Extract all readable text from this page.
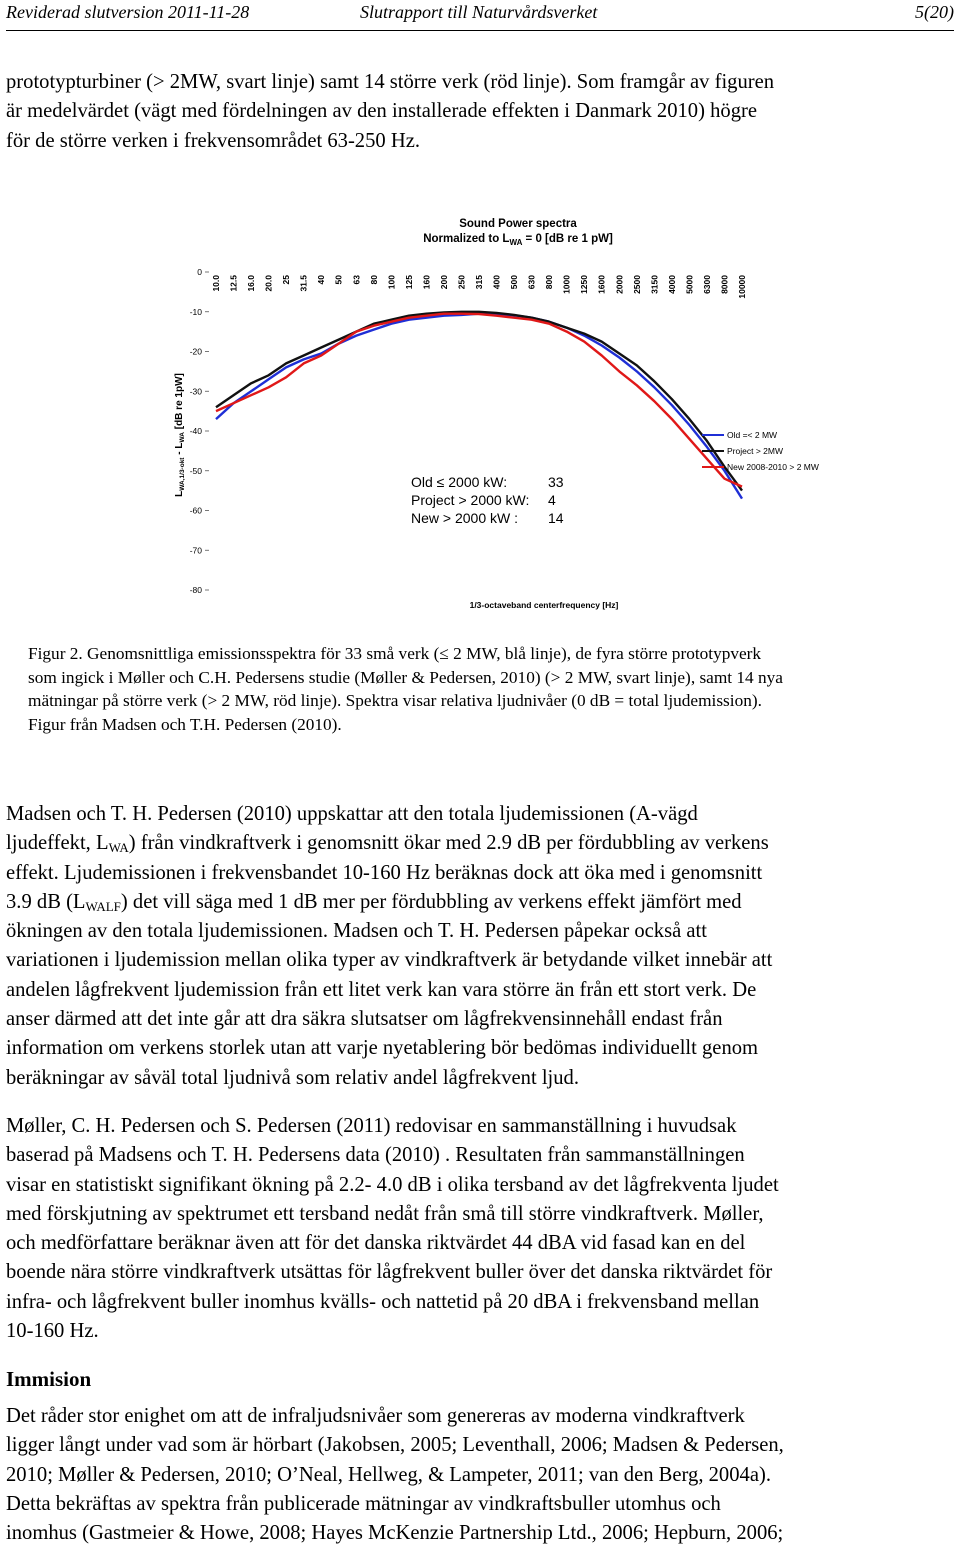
Reviderad slutversion 2011-11-28	Slutrapport till Naturvårdsverket	5(20)
prototypturbiner (> 2MW, svart linje) samt 14 större verk (röd linje). Som framgår av figuren
är medelvärdet (vägt med fördelningen av den installerade effekten i Danmark 2010) högre
för de större verken i frekvensområdet 63-250 Hz.
Sound Power spectra
Normalized to $L_{WA} = 0$ [dB re 1 pW]
$L_{WA,1/3-okt} - L_{WA}$ [dB re 1pW]
0
-10
-20
-30
-40
-50
-60
-70
-80
10.0 12.5 16.0 20.0 25 31.5 40 50 63 80 100 125 160 200 250 315 400 500 630 800 1000 1250 1600 2000 2500 3150 4000 5000 6300 8000 10000
Old ≤ 2000 kW:	33
Project > 2000 kW: 4
New > 2000 kW : 14
Old =< 2 MW
Project > 2MW
New 2008-2010 > 2 MW
1/3-octaveband centerfrequency [Hz]
Figur 2. Genomsnittliga emissionsspektra för 33 små verk (≤ 2 MW, blå linje), de fyra större prototypverk
som ingick i Møller och C.H. Pedersens studie (Møller & Pedersen, 2010) (> 2 MW, svart linje), samt 14 nya
mätningar på större verk (> 2 MW, röd linje). Spektra visar relativa ljudnivåer (0 dB = total ljudemission).
Figur från Madsen och T.H. Pedersen (2010).
Madsen och T. H. Pedersen (2010) uppskattar att den totala ljudemissionen (A-vägd
ljudeffekt, $L_{WA}$) från vindkraftverk i genomsnitt ökar med 2.9 dB per fördubbling av verkens
effekt. Ljudemissionen i frekvensbandet 10-160 Hz beräknas dock att öka med i genomsnitt
3.9 dB $(L_{WALF})$ det vill säga med 1 dB mer per fördubbling av verkens effekt jämfört med
ökningen av den totala ljudemissionen. Madsen och T. H. Pedersen påpekar också att
variationen i ljudemission mellan olika typer av vindkraftverk är betydande vilket innebär att
andelen lågfrekvent ljudemission från ett litet verk kan vara större än från ett stort verk. De
anser därmed att det inte går att dra säkra slutsatser om lågfrekvensinnehåll endast från
information om verkens storlek utan att varje nyetablering bör bedömas individuellt genom
beräkningar av såväl total ljudnivå som relativ andel lågfrekvent ljud.
Møller, C. H. Pedersen och S. Pedersen (2011) redovisar en sammanställning i huvudsak
baserad på Madsens och T. H. Pedersens data (2010) . Resultaten från sammanställningen
visar en statistiskt signifikant ökning på 2.2- 4.0 dB i olika tersband av det lågfrekventa ljudet
med förskjutning av spektrumet ett tersband nedåt från små till större vindkraftverk. Møller,
och medförfattare beräknar även att för det danska riktvärdet 44 dBA vid fasad kan en del
boende nära större vindkraftverk utsättas för lågfrekvent buller över det danska riktvärdet för
infra- och lågfrekvent buller inomhus kvälls- och nattetid på 20 dBA i frekvensband mellan
10-160 Hz.
Immision
Det råder stor enighet om att de infraljudsnivåer som genereras av moderna vindkraftverk
ligger långt under vad som är hörbart (Jakobsen, 2005; Leventhall, 2006; Madsen & Pedersen,
2010; Møller & Pedersen, 2010; O’Neal, Hellweg, & Lampeter, 2011; van den Berg, 2004a).
Detta bekräftas av spektra från publicerade mätningar av vindkraftsbuller utomhus och
inomhus (Gastmeier & Howe, 2008; Hayes McKenzie Partnership Ltd., 2006; Hepburn, 2006;
